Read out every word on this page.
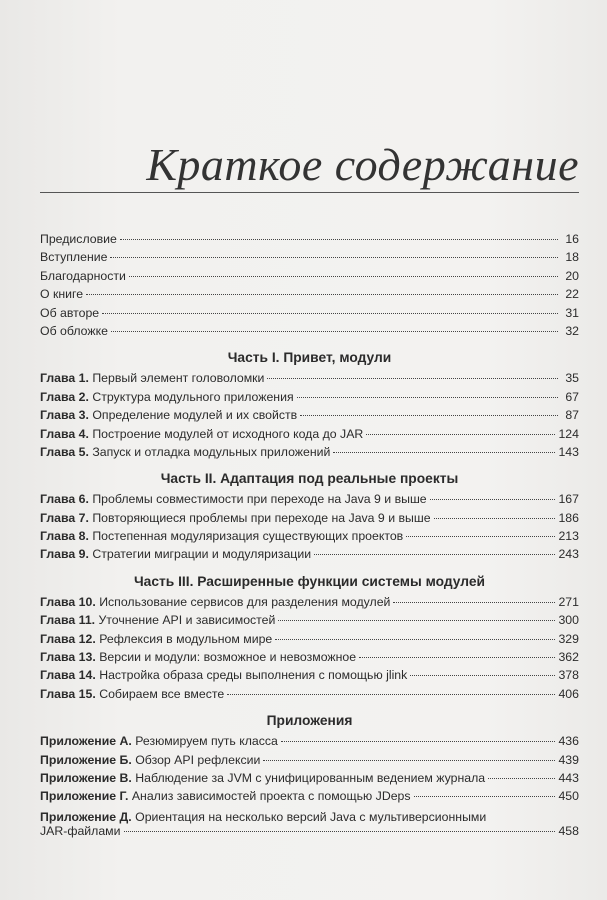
Краткое содержание
Предисловие	16
Вступление	18
Благодарности	20
О книге	22
Об авторе	31
Об обложке	32
Часть I. Привет, модули
Глава 1. Первый элемент головоломки	35
Глава 2. Структура модульного приложения	67
Глава 3. Определение модулей и их свойств	87
Глава 4. Построение модулей от исходного кода до JAR	124
Глава 5. Запуск и отладка модульных приложений	143
Часть II. Адаптация под реальные проекты
Глава 6. Проблемы совместимости при переходе на Java 9 и выше	167
Глава 7. Повторяющиеся проблемы при переходе на Java 9 и выше	186
Глава 8. Постепенная модуляризация существующих проектов	213
Глава 9. Стратегии миграции и модуляризации	243
Часть III. Расширенные функции системы модулей
Глава 10. Использование сервисов для разделения модулей	271
Глава 11. Уточнение API и зависимостей	300
Глава 12. Рефлексия в модульном мире	329
Глава 13. Версии и модули: возможное и невозможное	362
Глава 14. Настройка образа среды выполнения с помощью jlink	378
Глава 15. Собираем все вместе	406
Приложения
Приложение А. Резюмируем путь класса	436
Приложение Б. Обзор API рефлексии	439
Приложение В. Наблюдение за JVM с унифицированным ведением журнала	443
Приложение Г. Анализ зависимостей проекта с помощью JDeps	450
Приложение Д. Ориентация на несколько версий Java с мультиверсионными
JAR-файлами	458
